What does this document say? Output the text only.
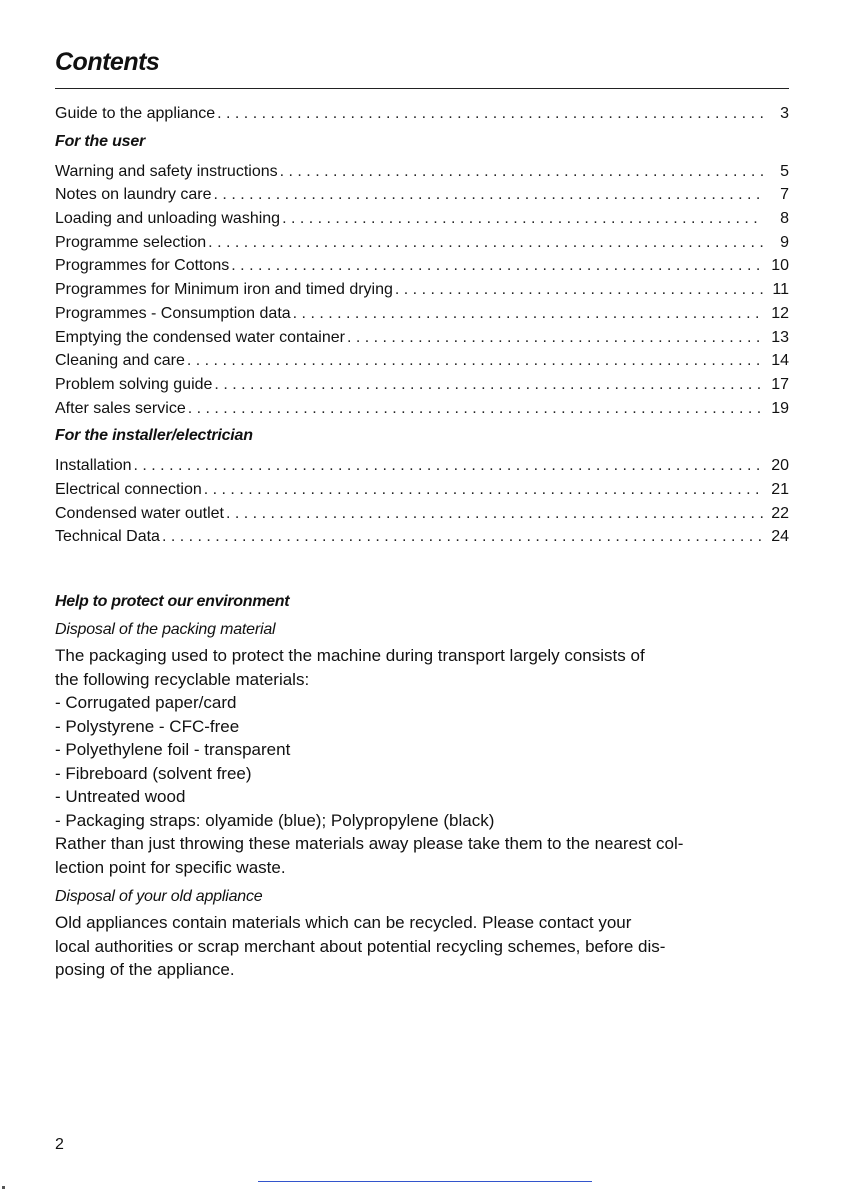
Contents
Guide to the appliance . . .	3
For the user
Warning and safety instructions . . .	5
Notes on laundry care . . .	7
Loading and unloading washing . . .	8
Programme selection . . .	9
Programmes for Cottons . . .	10
Programmes for Minimum iron and timed drying . . .	11
Programmes - Consumption data . . .	12
Emptying the condensed water container . . .	13
Cleaning and care . . .	14
Problem solving guide . . .	17
After sales service . . .	19
For the installer/electrician
Installation . . .	20
Electrical connection . . .	21
Condensed water outlet . . .	22
Technical Data . . .	24
Help to protect our environment
Disposal of the packing material
The packaging used to protect the machine during transport largely consists of
the following recyclable materials:
- Corrugated paper/card
- Polystyrene - CFC-free
- Polyethylene foil - transparent
- Fibreboard (solvent free)
- Untreated wood
- Packaging straps: olyamide (blue); Polypropylene (black)
Rather than just throwing these materials away please take them to the nearest col-
lection point for specific waste.
Disposal of your old appliance
Old appliances contain materials which can be recycled. Please contact your
local authorities or scrap merchant about potential recycling schemes, before dis-
posing of the appliance.
2
